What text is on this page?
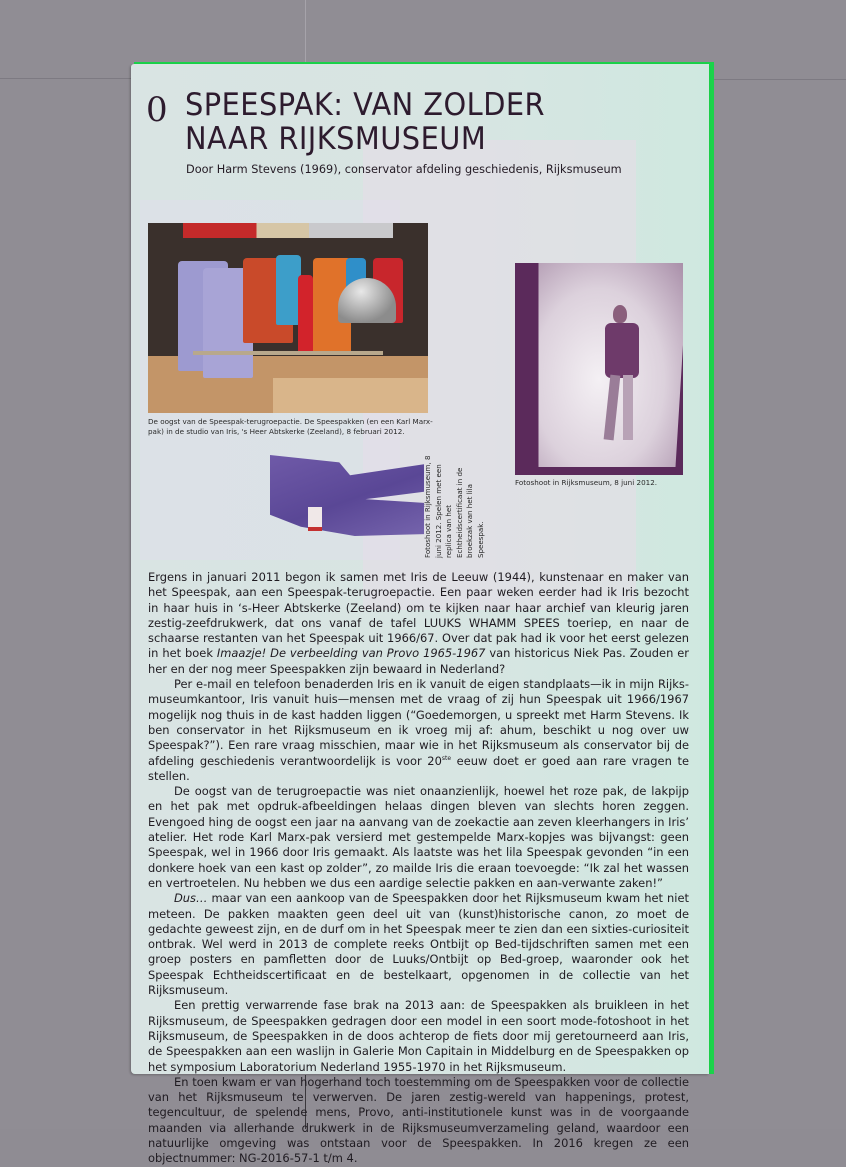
0 SPEESPAK: VAN ZOLDER
NAAR RIJKSMUSEUM
Door Harm Stevens (1969), conservator afdeling geschiedenis, Rijksmuseum
De oogst van de Speespak-terugroepactie. De Speespakken (en een Karl Marx-pak) in de studio van Iris, 's Heer Abtskerke (Zeeland), 8 februari 2012.
Fotoshoot in Rijksmuseum, 8 juni 2012.
Fotoshoot in Rijksmuseum, 8 juni 2012. Spelen met een replica van het Echtheidscertificaat in de broekzak van het lila Speespak.

Ergens in januari 2011 begon ik samen met Iris de Leeuw (1944), kunstenaar en maker van het Speespak, aan een Speespak-terugroepactie. Een paar weken eerder had ik Iris bezocht in haar huis in ‘s-Heer Abtskerke (Zeeland) om te kijken naar haar archief van kleurig jaren zestig-zeefdrukwerk, dat ons vanaf de tafel LUUKS WHAMM SPEES toeriep, en naar de schaarse restanten van het Speespak uit 1966/67. Over dat pak had ik voor het eerst gelezen in het boek Imaazje! De verbeelding van Provo 1965-1967 van historicus Niek Pas. Zouden er her en der nog meer Speespakken zijn bewaard in Nederland?

Per e-mail en telefoon benaderden Iris en ik vanuit de eigen standplaats—ik in mijn Rijks-museumkantoor, Iris vanuit huis—mensen met de vraag of zij hun Speespak uit 1966/1967 mogelijk nog thuis in de kast hadden liggen (“Goedemorgen, u spreekt met Harm Stevens. Ik ben conservator in het Rijksmuseum en ik vroeg mij af: ahum, beschikt u nog over uw Speespak?”). Een rare vraag misschien, maar wie in het Rijksmuseum als conservator bij de afdeling geschiedenis verantwoordelijk is voor 20ste eeuw doet er goed aan rare vragen te stellen.

De oogst van de terugroepactie was niet onaanzienlijk, hoewel het roze pak, de lakpijp en het pak met opdruk-afbeeldingen helaas dingen bleven van slechts horen zeggen. Evengoed hing de oogst een jaar na aanvang van de zoekactie aan zeven kleerhangers in Iris’ atelier. Het rode Karl Marx-pak versierd met gestempelde Marx-kopjes was bijvangst: geen Speespak, wel in 1966 door Iris gemaakt. Als laatste was het lila Speespak gevonden “in een donkere hoek van een kast op zolder”, zo mailde Iris die eraan toevoegde: “Ik zal het wassen en vertroetelen. Nu hebben we dus een aardige selectie pakken en aan-verwante zaken!”

Dus… maar van een aankoop van de Speespakken door het Rijksmuseum kwam het niet meteen. De pakken maakten geen deel uit van (kunst)historische canon, zo moet de gedachte geweest zijn, en de durf om in het Speespak meer te zien dan een sixties-curiositeit ontbrak. Wel werd in 2013 de complete reeks Ontbijt op Bed-tijdschriften samen met een groep posters en pamfletten door de Luuks/Ontbijt op Bed-groep, waaronder ook het Speespak Echtheidscertificaat en de bestelkaart, opgenomen in de collectie van het Rijksmuseum.

Een prettig verwarrende fase brak na 2013 aan: de Speespakken als bruikleen in het Rijksmuseum, de Speespakken gedragen door een model in een soort mode-fotoshoot in het Rijksmuseum, de Speespakken in de doos achterop de fiets door mij geretourneerd aan Iris, de Speespakken aan een waslijn in Galerie Mon Capitain in Middelburg en de Speespakken op het symposium Laboratorium Nederland 1955-1970 in het Rijksmuseum.

En toen kwam er van hogerhand toch toestemming om de Speespakken voor de collectie van het Rijksmuseum te verwerven. De jaren zestig-wereld van happenings, protest, tegencultuur, de spelende mens, Provo, anti-institutionele kunst was in de voorgaande maanden via allerhande drukwerk in de Rijksmuseumverzameling geland, waardoor een natuurlijke omgeving was ontstaan voor de Speespakken. In 2016 kregen ze een objectnummer: NG-2016-57-1 t/m 4.
